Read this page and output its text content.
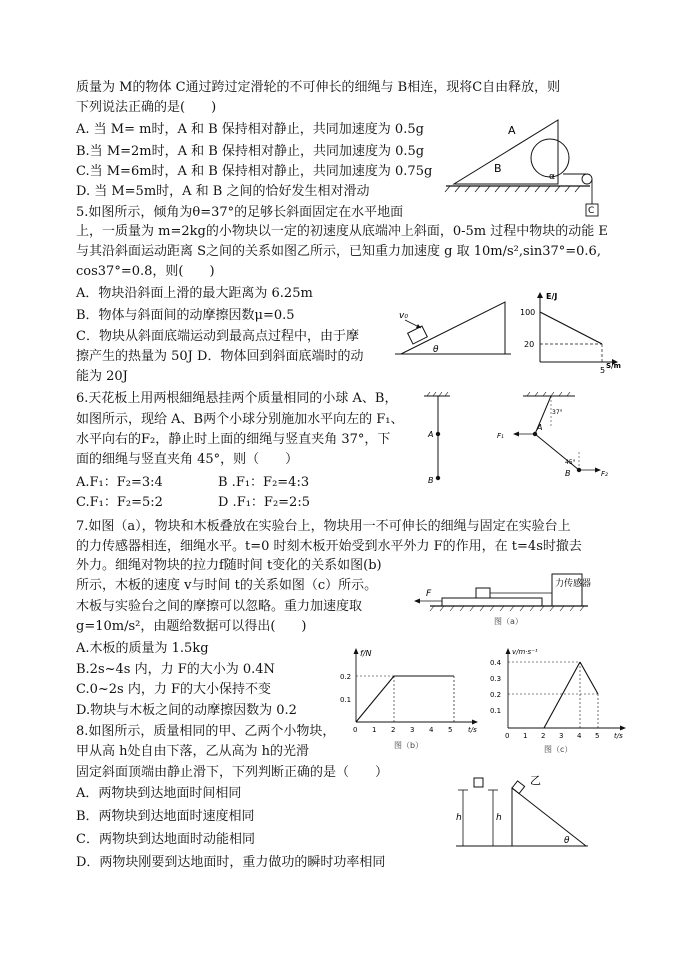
质量为 M的物体 C通过跨过定滑轮的不可伸长的细绳与 B相连，现将C自由释放，则
下列说法正确的是(　　)
A. 当 M= m时，A 和 B 保持相对静止，共同加速度为 0.5g
B.当 M=2m时，A 和 B 保持相对静止，共同加速度为 0.5g
C.当 M=6m时，A 和 B 保持相对静止，共同加速度为 0.75g
D. 当 M=5m时，A 和 B 之间的恰好发生相对滑动
A
B
α
C
5.如图所示，倾角为θ=37°的足够长斜面固定在水平地面
上，一质量为 m=2kg的小物块以一定的初速度从底端冲上斜面，0-5m 过程中物块的动能 E
与其沿斜面运动距离 S之间的关系如图乙所示，已知重力加速度 g 取 10m/s²,sin37°=0.6,
cos37°=0.8，则(　　)
A．物块沿斜面上滑的最大距离为 6.25m
B．物体与斜面间的动摩擦因数μ=0.5
C．物块从斜面底端运动到最高点过程中，由于摩
擦产生的热量为 50J D．物体回到斜面底端时的动
能为 20J
v₀
θ
E/J
100
20
5 S/m
6.天花板上用两根細绳悬挂两个质量相同的小球 A、B，
如图所示，现给 A、B两个小球分别施加水平向左的 F₁、
水平向右的F₂，静止时上面的细绳与竖直夹角 37°，下
面的细绳与竖直夹角 45°，则（　　）
A.F₁：F₂=3:4	B .F₁：F₂=4:3
C.F₁：F₂=5:2	D .F₁：F₂=2:5
A
B
37°
45°
A
F₁
B	F₂
7.如图（a），物块和木板叠放在实验台上，物块用一不可伸长的细绳与固定在实验台上
的力传感器相连，细绳水平。t=0 时刻木板开始受到水平外力 F的作用，在 t=4s时撤去
外力。细绳对物块的拉力f随时间 t变化的关系如图(b)
所示，木板的速度 v与时间 t的关系如图（c）所示。
木板与实验台之间的摩擦可以忽略。重力加速度取
g=10m/s²，由题给数据可以得出(　　)
A.木板的质量为 1.5kg
B.2s~4s 内，力 F的大小为 0.4N
C.0~2s 内，力 F的大小保持不变
D.物块与木板之间的动摩擦因数为 0.2
力传感器
F
图（a）
f/N
0.2
0.1
0 1 2 3 4 5 t/s
图（b）
v/m·s⁻¹
0.4
0.3
0.2
0.1
0 1 2 3 4 5 t/s
图（c）
8.如图所示，质量相同的甲、乙两个小物块，
甲从高 h处自由下落，乙从高为 h的光滑
固定斜面顶端由静止滑下，下列判断正确的是（　　）
A．两物块到达地面时间相同
B．两物块到达地面时速度相同
C．两物块到达地面时动能相同
D．两物块刚要到达地面时，重力做功的瞬时功率相同
h	h
乙
θ
